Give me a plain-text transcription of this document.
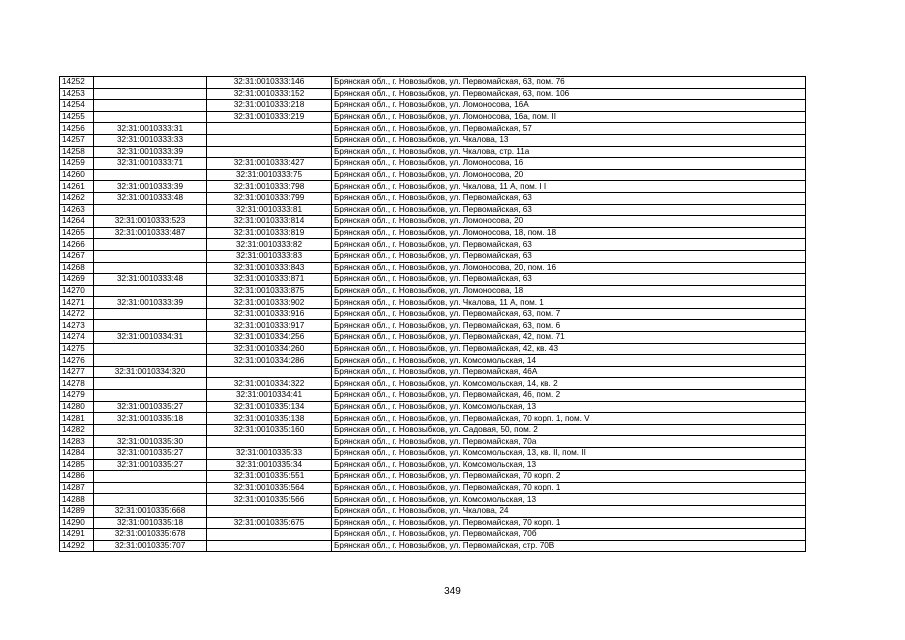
14252		32:31:0010333:146	Брянская обл., г. Новозыбков, ул. Первомайская, 63, пом. 76
14253		32:31:0010333:152	Брянская обл., г. Новозыбков, ул. Первомайская, 63, пом. 106
14254		32:31:0010333:218	Брянская обл., г. Новозыбков, ул. Ломоносова, 16А
14255		32:31:0010333:219	Брянская обл., г. Новозыбков, ул. Ломоносова, 16а, пом. II
14256	32:31:0010333:31		Брянская обл., г. Новозыбков, ул. Первомайская, 57
14257	32:31:0010333:33		Брянская обл., г. Новозыбков, ул. Чкалова, 13
14258	32:31:0010333:39		Брянская обл., г. Новозыбков, ул. Чкалова, стр. 11а
14259	32:31:0010333:71	32:31:0010333:427	Брянская обл., г. Новозыбков, ул. Ломоносова, 16
14260		32:31:0010333:75	Брянская обл., г. Новозыбков, ул. Ломоносова, 20
14261	32:31:0010333:39	32:31:0010333:798	Брянская обл., г. Новозыбков, ул. Чкалова, 11 А, пом. I I
14262	32:31:0010333:48	32:31:0010333:799	Брянская обл., г. Новозыбков, ул. Первомайская, 63
14263		32:31:0010333:81	Брянская обл., г. Новозыбков, ул. Первомайская, 63
14264	32:31:0010333:523	32:31:0010333:814	Брянская обл., г. Новозыбков, ул. Ломоносова, 20
14265	32:31:0010333:487	32:31:0010333:819	Брянская обл., г. Новозыбков, ул. Ломоносова, 18, пом. 18
14266		32:31:0010333:82	Брянская обл., г. Новозыбков, ул. Первомайская, 63
14267		32:31:0010333:83	Брянская обл., г. Новозыбков, ул. Первомайская, 63
14268		32:31:0010333:843	Брянская обл., г. Новозыбков, ул. Ломоносова, 20, пом. 16
14269	32:31:0010333:48	32:31:0010333:871	Брянская обл., г. Новозыбков, ул. Первомайская, 63
14270		32:31:0010333:875	Брянская обл., г. Новозыбков, ул. Ломоносова, 18
14271	32:31:0010333:39	32:31:0010333:902	Брянская обл., г. Новозыбков, ул. Чкалова, 11 А, пом. 1
14272		32:31:0010333:916	Брянская обл., г. Новозыбков, ул. Первомайская, 63, пом. 7
14273		32:31:0010333:917	Брянская обл., г. Новозыбков, ул. Первомайская, 63, пом. 6
14274	32:31:0010334:31	32:31:0010334:256	Брянская обл., г. Новозыбков, ул. Первомайская, 42, пом. 71
14275		32:31:0010334:260	Брянская обл., г. Новозыбков, ул. Первомайская, 42, кв. 43
14276		32:31:0010334:286	Брянская обл., г. Новозыбков, ул. Комсомольская, 14
14277	32:31:0010334:320		Брянская обл., г. Новозыбков, ул. Первомайская, 46А
14278		32:31:0010334:322	Брянская обл., г. Новозыбков, ул. Комсомольская, 14, кв. 2
14279		32:31:0010334:41	Брянская обл., г. Новозыбков, ул. Первомайская, 46, пом. 2
14280	32:31:0010335:27	32:31:0010335:134	Брянская обл., г. Новозыбков, ул. Комсомольская, 13
14281	32:31:0010335:18	32:31:0010335:138	Брянская обл., г. Новозыбков, ул. Первомайская, 70 корп. 1, пом. V
14282		32:31:0010335:160	Брянская обл., г. Новозыбков, ул. Садовая, 50, пом. 2
14283	32:31:0010335:30		Брянская обл., г. Новозыбков, ул. Первомайская, 70а
14284	32:31:0010335:27	32:31:0010335:33	Брянская обл., г. Новозыбков, ул. Комсомольская, 13, кв. II, пом. II
14285	32:31:0010335:27	32:31:0010335:34	Брянская обл., г. Новозыбков, ул. Комсомольская, 13
14286		32:31:0010335:551	Брянская обл., г. Новозыбков, ул. Первомайская, 70 корп. 2
14287		32:31:0010335:564	Брянская обл., г. Новозыбков, ул. Первомайская, 70 корп. 1
14288		32:31:0010335:566	Брянская обл., г. Новозыбков, ул. Комсомольская, 13
14289	32:31:0010335:668		Брянская обл., г. Новозыбков, ул. Чкалова, 24
14290	32:31:0010335:18	32:31:0010335:675	Брянская обл., г. Новозыбков, ул. Первомайская, 70 корп. 1
14291	32:31:0010335:678		Брянская обл., г. Новозыбков, ул. Первомайская, 70б
14292	32:31:0010335:707		Брянская обл., г. Новозыбков, ул. Первомайская, стр. 70В
349
